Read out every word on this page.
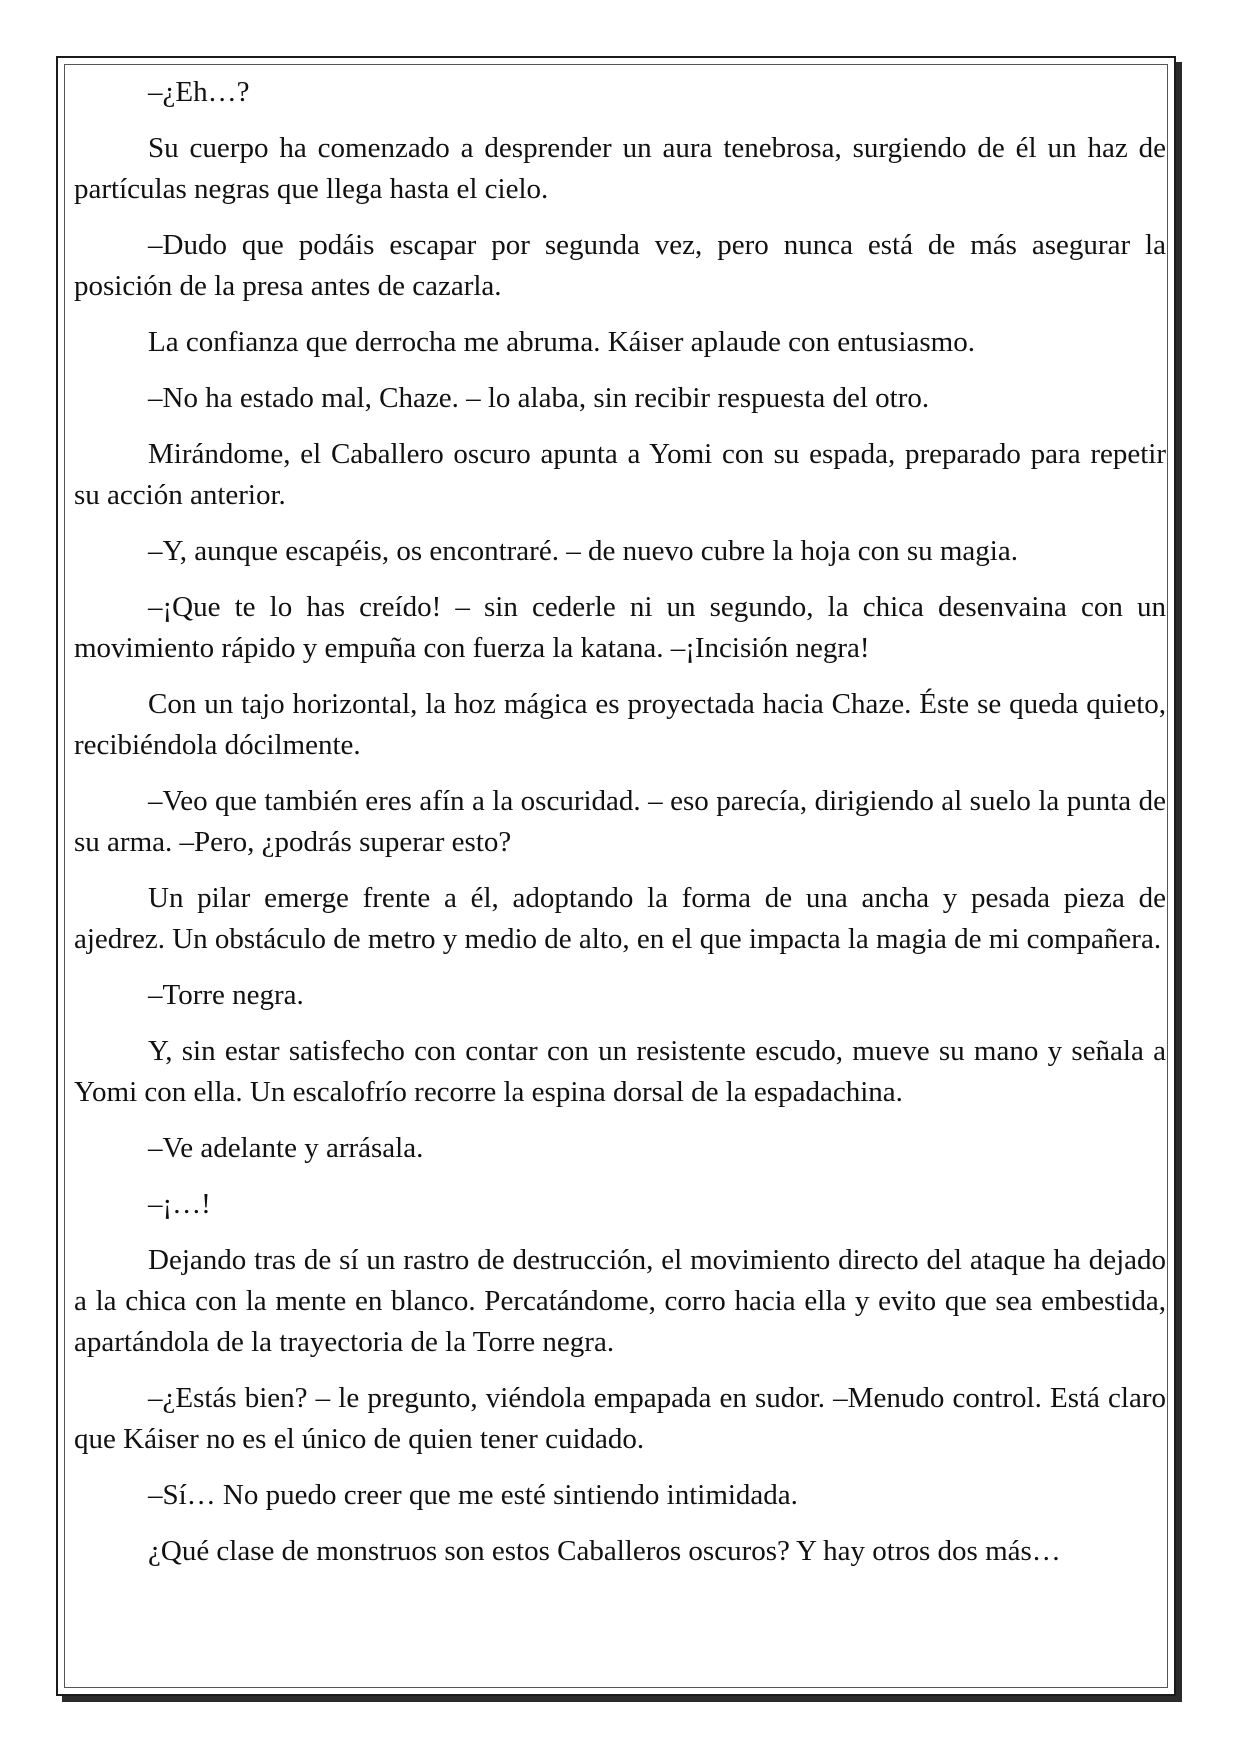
–¿Eh…?

Su cuerpo ha comenzado a desprender un aura tenebrosa, surgiendo de él un haz de partículas negras que llega hasta el cielo.

–Dudo que podáis escapar por segunda vez, pero nunca está de más asegurar la posición de la presa antes de cazarla.

La confianza que derrocha me abruma. Káiser aplaude con entusiasmo.

–No ha estado mal, Chaze. – lo alaba, sin recibir respuesta del otro.

Mirándome, el Caballero oscuro apunta a Yomi con su espada, preparado para repetir su acción anterior.

–Y, aunque escapéis, os encontraré. – de nuevo cubre la hoja con su magia.

–¡Que te lo has creído! – sin cederle ni un segundo, la chica desenvaina con un movimiento rápido y empuña con fuerza la katana. –¡Incisión negra!

Con un tajo horizontal, la hoz mágica es proyectada hacia Chaze. Éste se queda quieto, recibiéndola dócilmente.

–Veo que también eres afín a la oscuridad. – eso parecía, dirigiendo al suelo la punta de su arma. –Pero, ¿podrás superar esto?

Un pilar emerge frente a él, adoptando la forma de una ancha y pesada pieza de ajedrez. Un obstáculo de metro y medio de alto, en el que impacta la magia de mi compañera.

–Torre negra.

Y, sin estar satisfecho con contar con un resistente escudo, mueve su mano y señala a Yomi con ella. Un escalofrío recorre la espina dorsal de la espadachina.

–Ve adelante y arrásala.

–¡…!

Dejando tras de sí un rastro de destrucción, el movimiento directo del ataque ha dejado a la chica con la mente en blanco. Percatándome, corro hacia ella y evito que sea embestida, apartándola de la trayectoria de la Torre negra.

–¿Estás bien? – le pregunto, viéndola empapada en sudor. –Menudo control. Está claro que Káiser no es el único de quien tener cuidado.

–Sí… No puedo creer que me esté sintiendo intimidada.

¿Qué clase de monstruos son estos Caballeros oscuros? Y hay otros dos más…
